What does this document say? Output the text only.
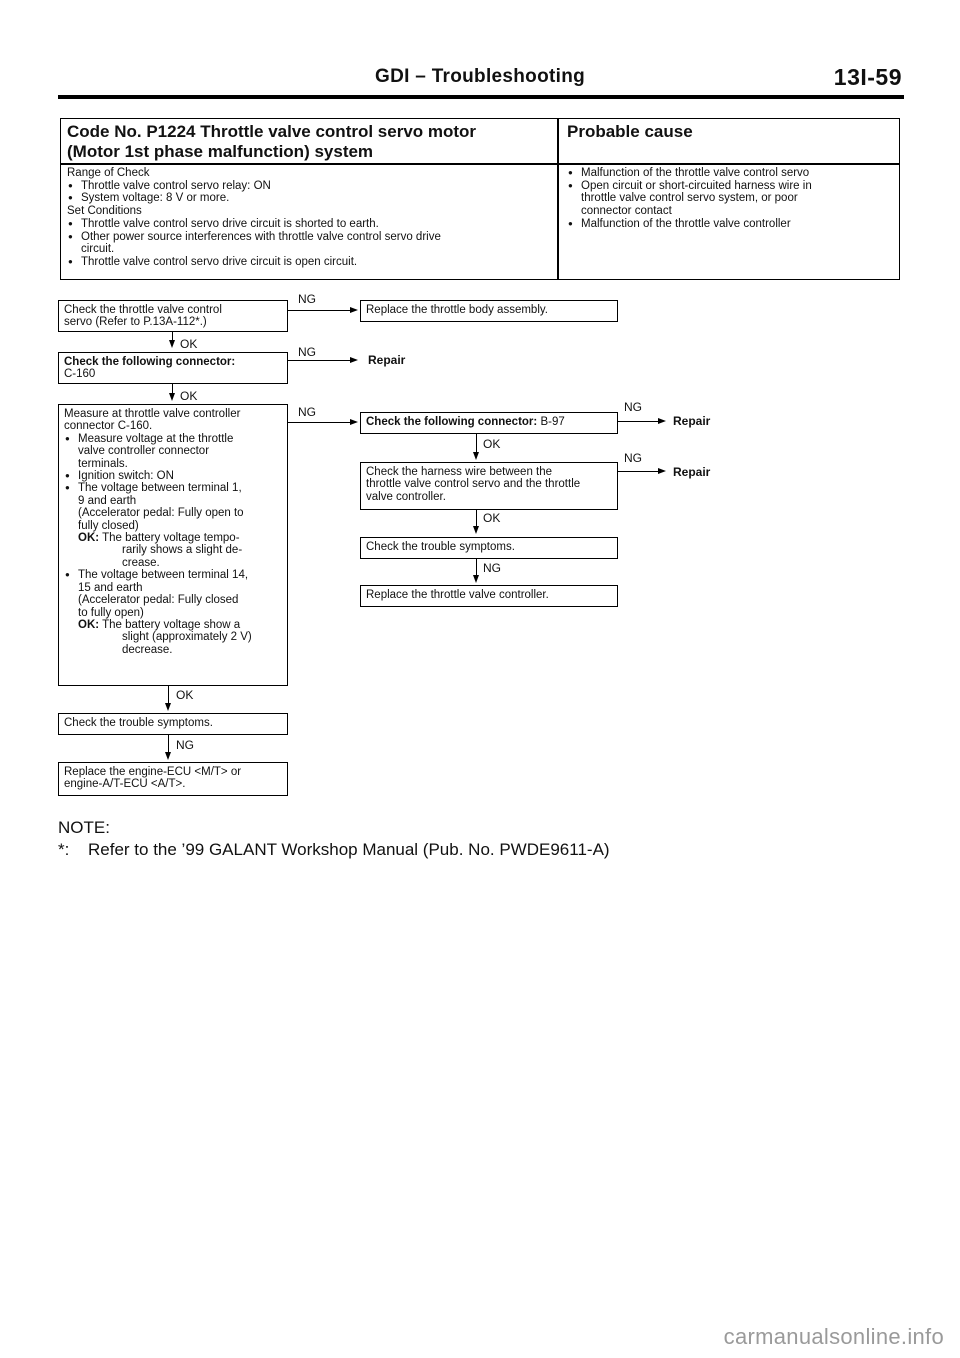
GDI – Troubleshooting	13I-59
Code No. P1224 Throttle valve control servo motor
(Motor 1st phase malfunction) system
Probable cause
Range of Check
● Throttle valve control servo relay: ON
● System voltage: 8 V or more.
Set Conditions
● Throttle valve control servo drive circuit is shorted to earth.
● Other power source interferences with throttle valve control servo drive
circuit.
● Throttle valve control servo drive circuit is open circuit.
● Malfunction of the throttle valve control servo
● Open circuit or short-circuited harness wire in
throttle valve control servo system, or poor
connector contact
● Malfunction of the throttle valve controller
Check the throttle valve control
servo (Refer to P.13A-112*.)
NG
Replace the throttle body assembly.
OK
Check the following connector:
C-160
NG
Repair
OK
Measure at throttle valve controller
connector C-160.
● Measure voltage at the throttle
valve controller connector
terminals.
● Ignition switch: ON
● The voltage between terminal 1,
9 and earth
(Accelerator pedal: Fully open to
fully closed)
OK: The battery voltage tempo-
rarily shows a slight de-
crease.
● The voltage between terminal 14,
15 and earth
(Accelerator pedal: Fully closed
to fully open)
OK: The battery voltage show a
slight (approximately 2 V)
decrease.
NG
OK
Check the trouble symptoms.
NG
Replace the engine-ECU <M/T> or
engine-A/T-ECU <A/T>.
Check the following connector: B-97
NG
Repair
OK
Check the harness wire between the
throttle valve control servo and the throttle
valve controller.
NG
Repair
OK
Check the trouble symptoms.
NG
Replace the throttle valve controller.
NOTE:
*: Refer to the ’99 GALANT Workshop Manual (Pub. No. PWDE9611-A)
carmanualsonline.info
